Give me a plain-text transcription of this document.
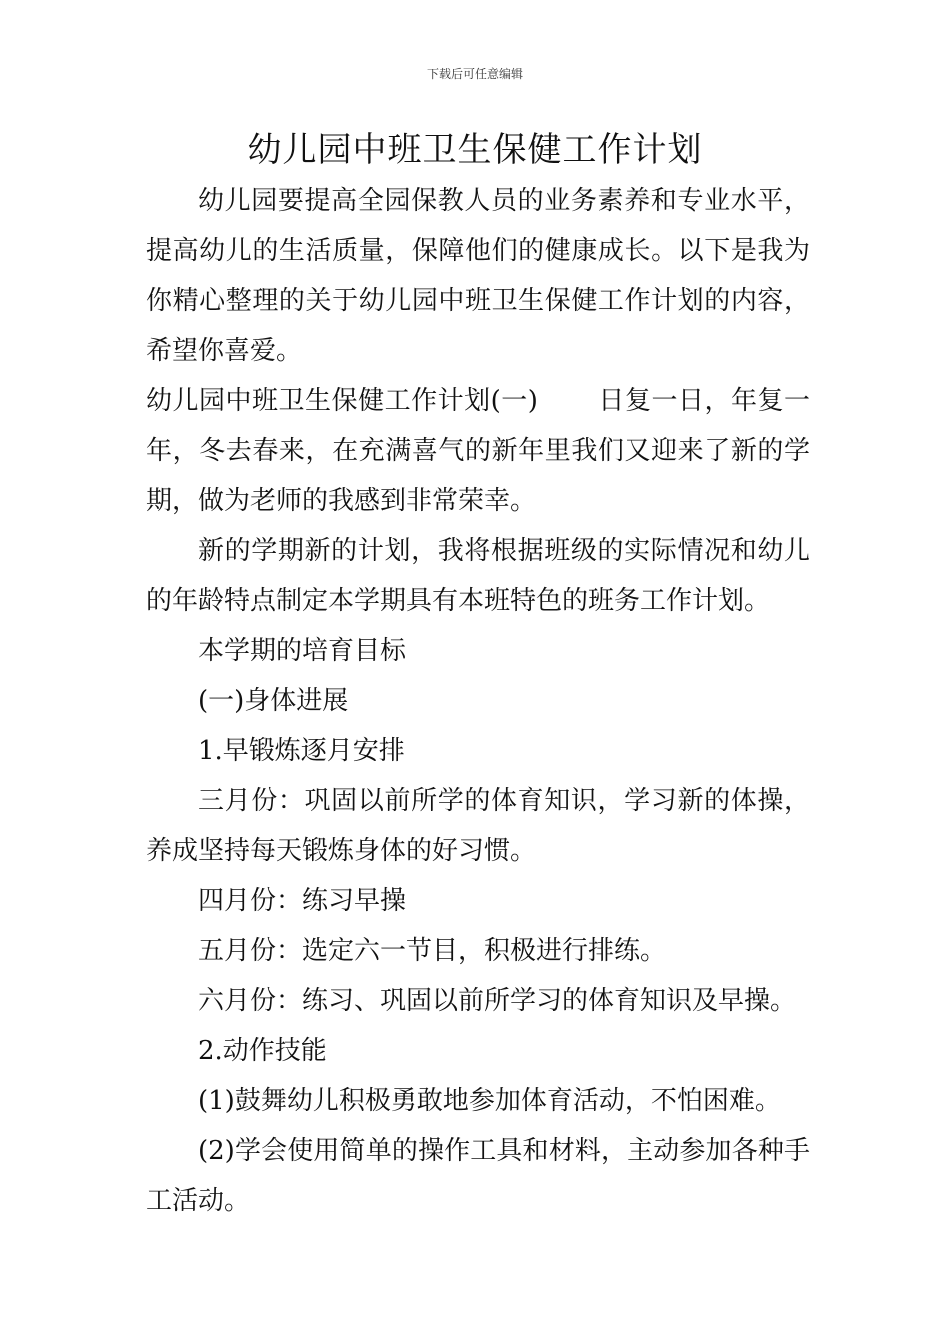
下载后可任意编辑
幼儿园中班卫生保健工作计划

幼儿园要提高全园保教人员的业务素养和专业水平，提高幼儿的生活质量，保障他们的健康成长。以下是我为你精心整理的关于幼儿园中班卫生保健工作计划的内容，希望你喜爱。

幼儿园中班卫生保健工作计划(一) 日复一日，年复一年，冬去春来，在充满喜气的新年里我们又迎来了新的学期，做为老师的我感到非常荣幸。

新的学期新的计划，我将根据班级的实际情况和幼儿的年龄特点制定本学期具有本班特色的班务工作计划。

本学期的培育目标

(一)身体进展

1.早锻炼逐月安排

三月份：巩固以前所学的体育知识，学习新的体操，养成坚持每天锻炼身体的好习惯。

四月份：练习早操

五月份：选定六一节目，积极进行排练。

六月份：练习、巩固以前所学习的体育知识及早操。

2.动作技能

(1)鼓舞幼儿积极勇敢地参加体育活动，不怕困难。

(2)学会使用简单的操作工具和材料，主动参加各种手工活动。
